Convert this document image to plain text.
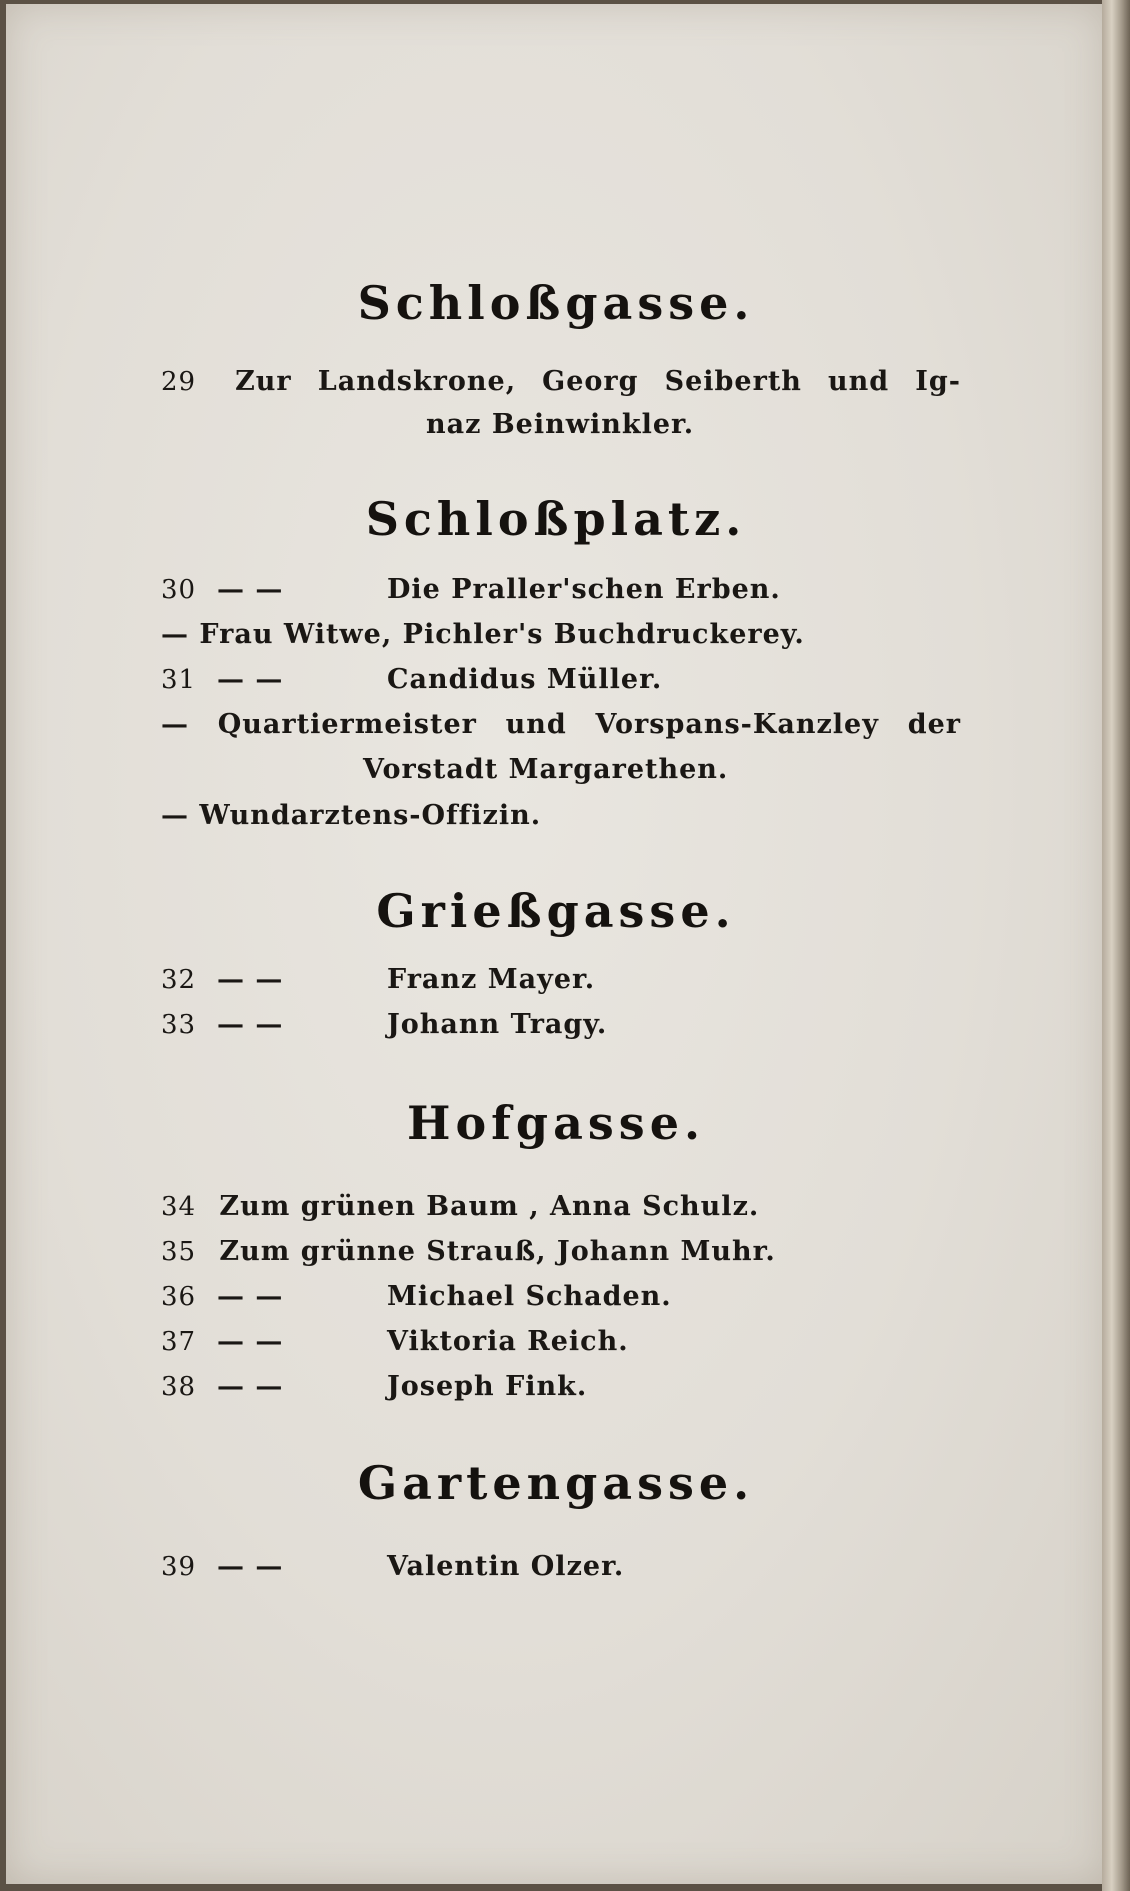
Schloßgasse.
29 Zur Landskrone, Georg Seiberth und Ig-
naz Beinwinkler.
Schloßplatz.
30 — —	Die Praller'schen Erben.
— Frau Witwe, Pichler's Buchdruckerey.
31 — —	Candidus Müller.
— Quartiermeister und Vorspans-Kanzley der
Vorstadt Margarethen.
— Wundarztens-Offizin.
Grießgasse.
32 — —	Franz Mayer.
33 — —	Johann Tragy.
Hofgasse.
34 Zum grünen Baum , Anna Schulz.
35 Zum grünne Strauß, Johann Muhr.
36 — —	Michael Schaden.
37 — —	Viktoria Reich.
38 — —	Joseph Fink.
Gartengasse.
39 — —	Valentin Olzer.
